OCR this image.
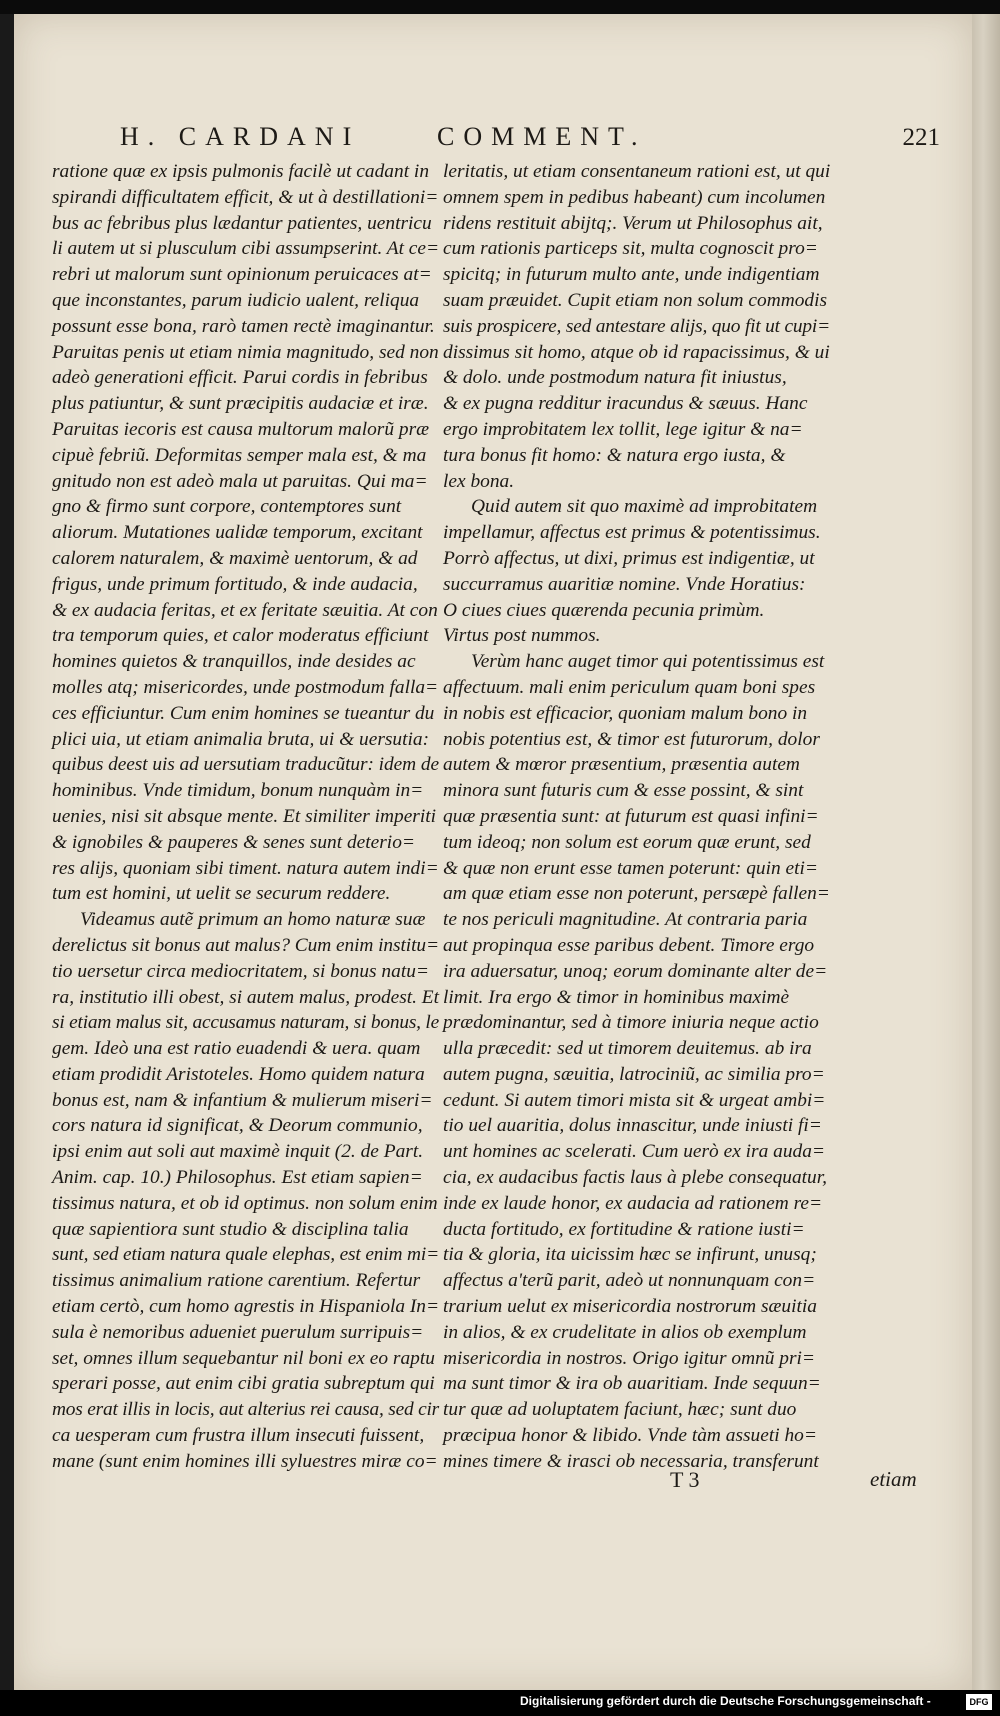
H. CARDANI	COMMENT.	221
ratione quæ ex ipsis pulmonis facilè ut cadant in
spirandi difficultatem efficit, & ut à destillationi=
bus ac febribus plus lædantur patientes, uentricu
li autem ut si plusculum cibi assumpserint. At ce=
rebri ut malorum sunt opinionum peruicaces at=
que inconstantes, parum iudicio ualent, reliqua
possunt esse bona, rarò tamen rectè imaginantur.
Paruitas penis ut etiam nimia magnitudo, sed non
adeò generationi efficit. Parui cordis in febribus
plus patiuntur, & sunt præcipitis audaciæ et iræ.
Paruitas iecoris est causa multorum malorũ præ
cipuè febriũ. Deformitas semper mala est, & ma
gnitudo non est adeò mala ut paruitas. Qui ma=
gno & firmo sunt corpore, contemptores sunt
aliorum. Mutationes ualidæ temporum, excitant
calorem naturalem, & maximè uentorum, & ad
frigus, unde primum fortitudo, & inde audacia,
& ex audacia feritas, et ex feritate sæuitia. At con
tra temporum quies, et calor moderatus efficiunt
homines quietos & tranquillos, inde desides ac
molles atq; misericordes, unde postmodum falla=
ces efficiuntur. Cum enim homines se tueantur du
plici uia, ut etiam animalia bruta, ui & uersutia:
quibus deest uis ad uersutiam traducũtur: idem de
hominibus. Vnde timidum, bonum nunquàm in=
uenies, nisi sit absque mente. Et similiter imperiti
& ignobiles & pauperes & senes sunt deterio=
res alijs, quoniam sibi timent. natura autem indi=
tum est homini, ut uelit se securum reddere.
Videamus autẽ primum an homo naturæ suæ
derelictus sit bonus aut malus? Cum enim institu=
tio uersetur circa mediocritatem, si bonus natu=
ra, institutio illi obest, si autem malus, prodest. Et
si etiam malus sit, accusamus naturam, si bonus, le
gem. Ideò una est ratio euadendi & uera. quam
etiam prodidit Aristoteles. Homo quidem natura
bonus est, nam & infantium & mulierum miseri=
cors natura id significat, & Deorum communio,
ipsi enim aut soli aut maximè inquit (2. de Part.
Anim. cap. 10.) Philosophus. Est etiam sapien=
tissimus natura, et ob id optimus. non solum enim
quæ sapientiora sunt studio & disciplina talia
sunt, sed etiam natura quale elephas, est enim mi=
tissimus animalium ratione carentium. Refertur
etiam certò, cum homo agrestis in Hispaniola In=
sula è nemoribus adueniet puerulum surripuis=
set, omnes illum sequebantur nil boni ex eo raptu
sperari posse, aut enim cibi gratia subreptum qui
mos erat illis in locis, aut alterius rei causa, sed cir
ca uesperam cum frustra illum insecuti fuissent,
mane (sunt enim homines illi syluestres miræ co=
leritatis, ut etiam consentaneum rationi est, ut qui
omnem spem in pedibus habeant) cum incolumen
ridens restituit abijtq;. Verum ut Philosophus ait,
cum rationis particeps sit, multa cognoscit pro=
spicitq; in futurum multo ante, unde indigentiam
suam præuidet. Cupit etiam non solum commodis
suis prospicere, sed antestare alijs, quo fit ut cupi=
dissimus sit homo, atque ob id rapacissimus, & ui
& dolo. unde postmodum natura fit iniustus,
& ex pugna redditur iracundus & sæuus. Hanc
ergo improbitatem lex tollit, lege igitur & na=
tura bonus fit homo: & natura ergo iusta, &
lex bona.
Quid autem sit quo maximè ad improbitatem
impellamur, affectus est primus & potentissimus.
Porrò affectus, ut dixi, primus est indigentiæ, ut
succurramus auaritiæ nomine. Vnde Horatius:
O ciues ciues quærenda pecunia primùm.
Virtus post nummos.
Verùm hanc auget timor qui potentissimus est
affectuum. mali enim periculum quam boni spes
in nobis est efficacior, quoniam malum bono in
nobis potentius est, & timor est futurorum, dolor
autem & mœror præsentium, præsentia autem
minora sunt futuris cum & esse possint, & sint
quæ præsentia sunt: at futurum est quasi infini=
tum ideoq; non solum est eorum quæ erunt, sed
& quæ non erunt esse tamen poterunt: quin eti=
am quæ etiam esse non poterunt, persæpè fallen=
te nos periculi magnitudine. At contraria paria
aut propinqua esse paribus debent. Timore ergo
ira aduersatur, unoq; eorum dominante alter de=
limit. Ira ergo & timor in hominibus maximè
prædominantur, sed à timore iniuria neque actio
ulla præcedit: sed ut timorem deuitemus. ab ira
autem pugna, sæuitia, latrociniũ, ac similia pro=
cedunt. Si autem timori mista sit & urgeat ambi=
tio uel auaritia, dolus innascitur, unde iniusti fi=
unt homines ac scelerati. Cum uerò ex ira auda=
cia, ex audacibus factis laus à plebe consequatur,
inde ex laude honor, ex audacia ad rationem re=
ducta fortitudo, ex fortitudine & ratione iusti=
tia & gloria, ita uicissim hæc se infirunt, unusq;
affectus a'terũ parit, adeò ut nonnunquam con=
trarium uelut ex misericordia nostrorum sæuitia
in alios, & ex crudelitate in alios ob exemplum
misericordia in nostros. Origo igitur omnũ pri=
ma sunt timor & ira ob auaritiam. Inde sequun=
tur quæ ad uoluptatem faciunt, hæc; sunt duo
præcipua honor & libido. Vnde tàm assueti ho=
mines timere & irasci ob necessaria, transferunt
T 3	etiam
Digitalisierung gefördert durch die Deutsche Forschungsgemeinschaft -	DFG
